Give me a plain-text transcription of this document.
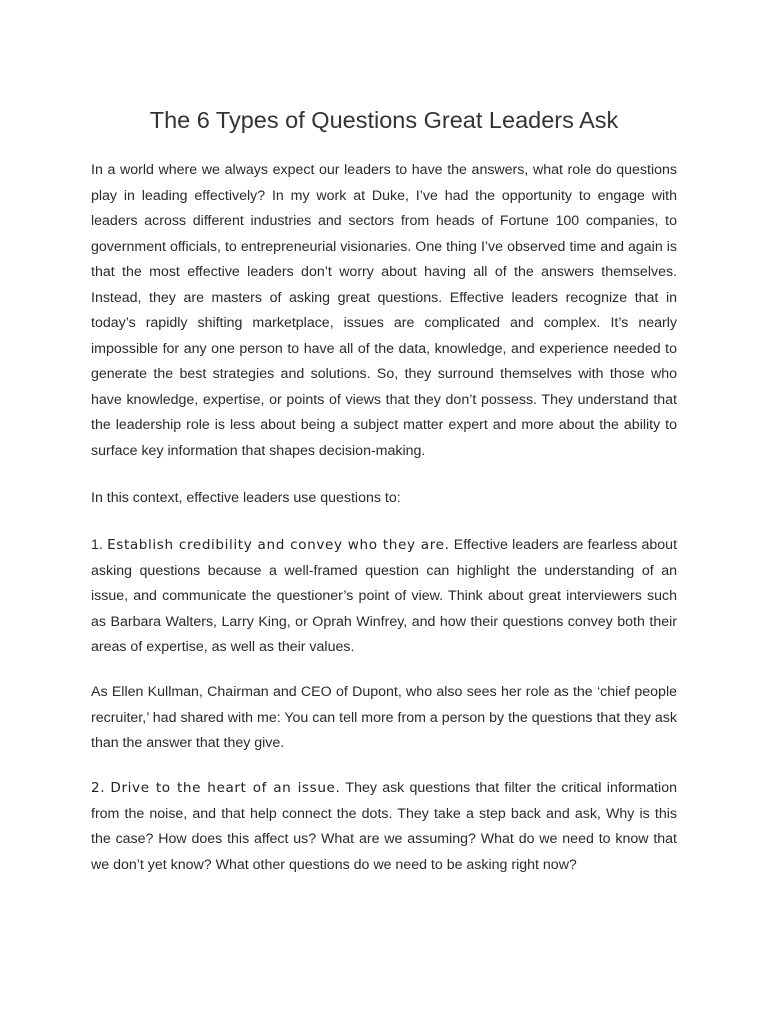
The 6 Types of Questions Great Leaders Ask

In a world where we always expect our leaders to have the answers, what role do questions play in leading effectively? In my work at Duke, I’ve had the opportunity to engage with leaders across different industries and sectors from heads of Fortune 100 companies, to government officials, to entrepreneurial visionaries. One thing I’ve observed time and again is that the most effective leaders don’t worry about having all of the answers themselves. Instead, they are masters of asking great questions. Effective leaders recognize that in today’s rapidly shifting marketplace, issues are complicated and complex. It’s nearly impossible for any one person to have all of the data, knowledge, and experience needed to generate the best strategies and solutions. So, they surround themselves with those who have knowledge, expertise, or points of views that they don’t possess. They understand that the leadership role is less about being a subject matter expert and more about the ability to surface key information that shapes decision-making.

In this context, effective leaders use questions to:

1. Establish credibility and convey who they are. Effective leaders are fearless about asking questions because a well-framed question can highlight the understanding of an issue, and communicate the questioner’s point of view. Think about great interviewers such as Barbara Walters, Larry King, or Oprah Winfrey, and how their questions convey both their areas of expertise, as well as their values.

As Ellen Kullman, Chairman and CEO of Dupont, who also sees her role as the ‘chief people recruiter,’ had shared with me: You can tell more from a person by the questions that they ask than the answer that they give.

2. Drive to the heart of an issue. They ask questions that filter the critical information from the noise, and that help connect the dots. They take a step back and ask, Why is this the case? How does this affect us? What are we assuming? What do we need to know that we don’t yet know? What other questions do we need to be asking right now?
